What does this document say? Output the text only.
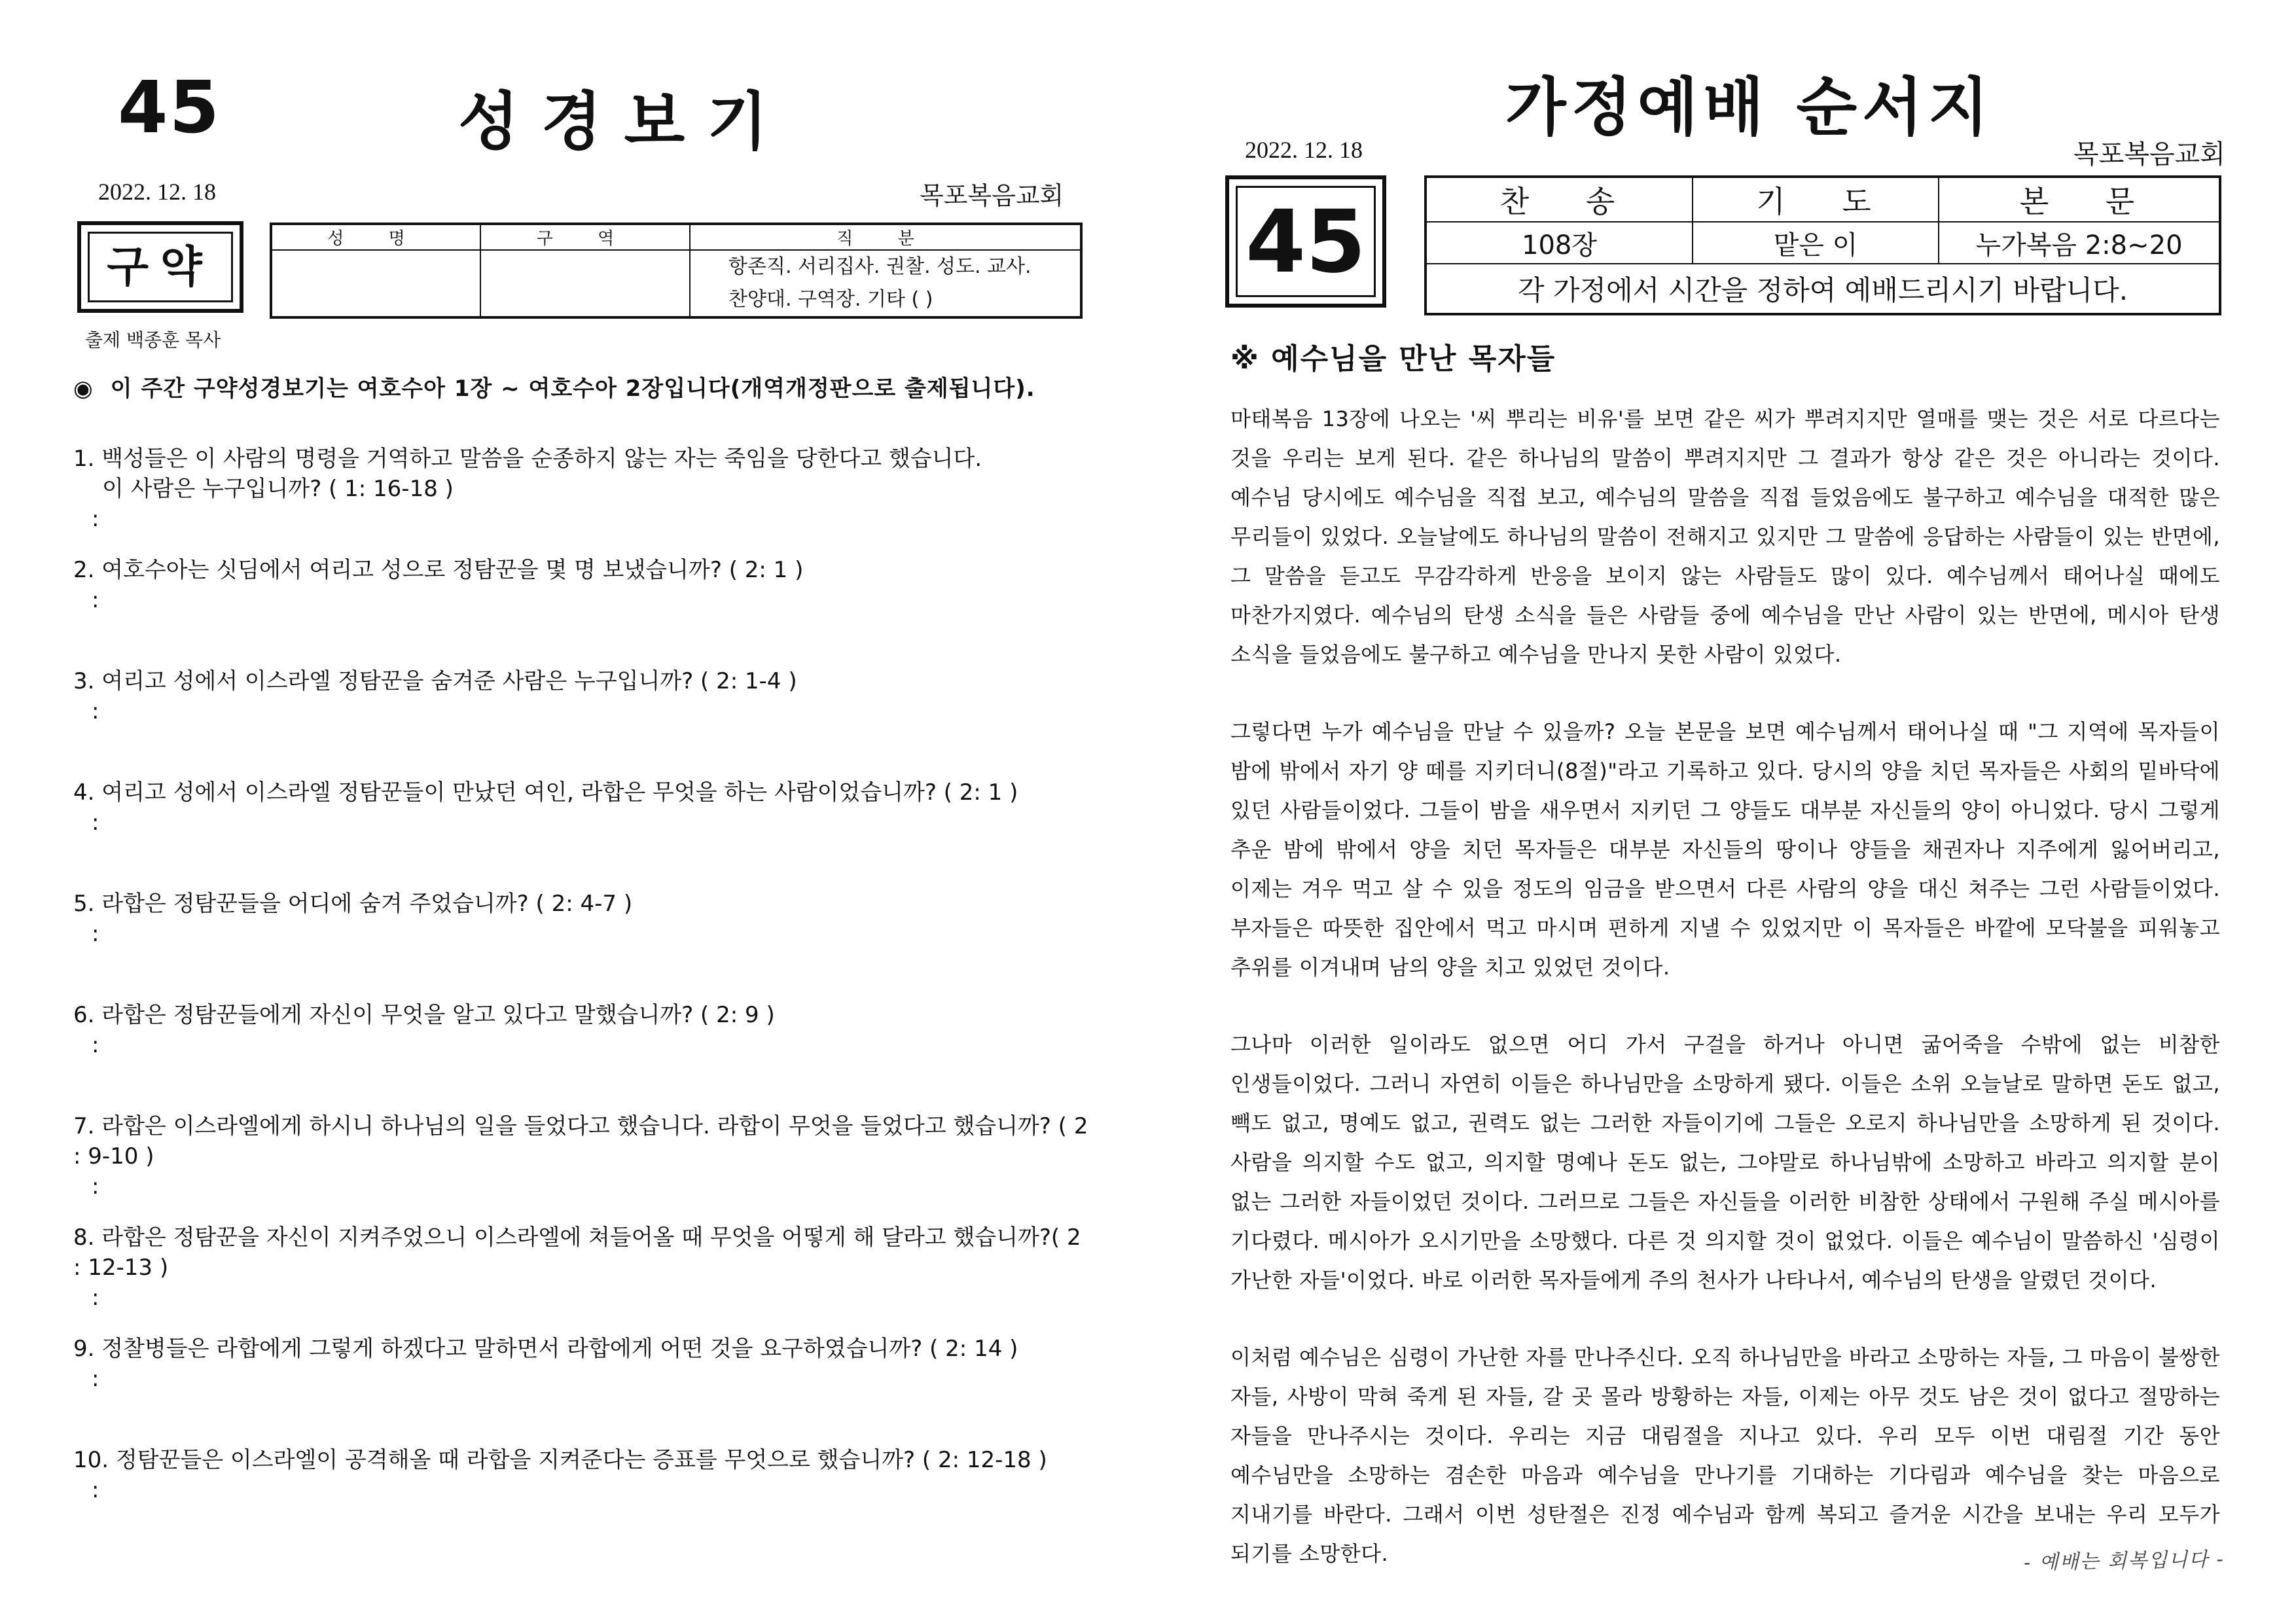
45	성경보기
2022. 12. 18	목포복음교회
구약
성 명	구 역	직 분

		항존직. 서리집사. 권찰. 성도. 교사.
찬양대. 구역장. 기타 ( )
출제 백종훈 목사
◉ 이 주간 구약성경보기는 여호수아 1장 ~ 여호수아 2장입니다(개역개정판으로 출제됩니다).
1. 백성들은 이 사람의 명령을 거역하고 말씀을 순종하지 않는 자는 죽임을 당한다고 했습니다.
이 사람은 누구입니까? ( 1: 16-18 )
:
2. 여호수아는 싯딤에서 여리고 성으로 정탐꾼을 몇 명 보냈습니까? ( 2: 1 )
:
3. 여리고 성에서 이스라엘 정탐꾼을 숨겨준 사람은 누구입니까? ( 2: 1-4 )
:
4. 여리고 성에서 이스라엘 정탐꾼들이 만났던 여인, 라합은 무엇을 하는 사람이었습니까? ( 2: 1 )
:
5. 라합은 정탐꾼들을 어디에 숨겨 주었습니까? ( 2: 4-7 )
:
6. 라합은 정탐꾼들에게 자신이 무엇을 알고 있다고 말했습니까? ( 2: 9 )
:
7. 라합은 이스라엘에게 하시니 하나님의 일을 들었다고 했습니다. 라합이 무엇을 들었다고 했습니까? ( 2 : 9-10 )
:
8. 라합은 정탐꾼을 자신이 지켜주었으니 이스라엘에 쳐들어올 때 무엇을 어떻게 해 달라고 했습니까?( 2 : 12-13 )
:
9. 정찰병들은 라합에게 그렇게 하겠다고 말하면서 라합에게 어떤 것을 요구하였습니까? ( 2: 14 )
:
10. 정탐꾼들은 이스라엘이 공격해올 때 라합을 지켜준다는 증표를 무엇으로 했습니까? ( 2: 12-18 )
:
가정예배 순서지
2022. 12. 18	목포복음교회
45	찬 송	기 도	본 문
108장	맡은 이	누가복음 2:8~20
각 가정에서 시간을 정하여 예배드리시기 바랍니다.		
※ 예수님을 만난 목자들

마태복음 13장에 나오는 '씨 뿌리는 비유'를 보면 같은 씨가 뿌려지지만 열매를 맺는 것은 서로 다르다는 것을 우리는 보게 된다. 같은 하나님의 말씀이 뿌려지지만 그 결과가 항상 같은 것은 아니라는 것이다. 예수님 당시에도 예수님을 직접 보고, 예수님의 말씀을 직접 들었음에도 불구하고 예수님을 대적한 많은 무리들이 있었다. 오늘날에도 하나님의 말씀이 전해지고 있지만 그 말씀에 응답하는 사람들이 있는 반면에, 그 말씀을 듣고도 무감각하게 반응을 보이지 않는 사람들도 많이 있다. 예수님께서 태어나실 때에도 마찬가지였다. 예수님의 탄생 소식을 들은 사람들 중에 예수님을 만난 사람이 있는 반면에, 메시아 탄생 소식을 들었음에도 불구하고 예수님을 만나지 못한 사람이 있었다.

그렇다면 누가 예수님을 만날 수 있을까? 오늘 본문을 보면 예수님께서 태어나실 때 "그 지역에 목자들이 밤에 밖에서 자기 양 떼를 지키더니(8절)"라고 기록하고 있다. 당시의 양을 치던 목자들은 사회의 밑바닥에 있던 사람들이었다. 그들이 밤을 새우면서 지키던 그 양들도 대부분 자신들의 양이 아니었다. 당시 그렇게 추운 밤에 밖에서 양을 치던 목자들은 대부분 자신들의 땅이나 양들을 채권자나 지주에게 잃어버리고, 이제는 겨우 먹고 살 수 있을 정도의 임금을 받으면서 다른 사람의 양을 대신 쳐주는 그런 사람들이었다. 부자들은 따뜻한 집안에서 먹고 마시며 편하게 지낼 수 있었지만 이 목자들은 바깥에 모닥불을 피워놓고 추위를 이겨내며 남의 양을 치고 있었던 것이다.

그나마 이러한 일이라도 없으면 어디 가서 구걸을 하거나 아니면 굶어죽을 수밖에 없는 비참한 인생들이었다. 그러니 자연히 이들은 하나님만을 소망하게 됐다. 이들은 소위 오늘날로 말하면 돈도 없고, 빽도 없고, 명예도 없고, 권력도 없는 그러한 자들이기에 그들은 오로지 하나님만을 소망하게 된 것이다. 사람을 의지할 수도 없고, 의지할 명예나 돈도 없는, 그야말로 하나님밖에 소망하고 바라고 의지할 분이 없는 그러한 자들이었던 것이다. 그러므로 그들은 자신들을 이러한 비참한 상태에서 구원해 주실 메시아를 기다렸다. 메시아가 오시기만을 소망했다. 다른 것 의지할 것이 없었다. 이들은 예수님이 말씀하신 '심령이 가난한 자들'이었다. 바로 이러한 목자들에게 주의 천사가 나타나서, 예수님의 탄생을 알렸던 것이다.

이처럼 예수님은 심령이 가난한 자를 만나주신다. 오직 하나님만을 바라고 소망하는 자들, 그 마음이 불쌍한 자들, 사방이 막혀 죽게 된 자들, 갈 곳 몰라 방황하는 자들, 이제는 아무 것도 남은 것이 없다고 절망하는 자들을 만나주시는 것이다. 우리는 지금 대림절을 지나고 있다. 우리 모두 이번 대림절 기간 동안 예수님만을 소망하는 겸손한 마음과 예수님을 만나기를 기대하는 기다림과 예수님을 찾는 마음으로 지내기를 바란다. 그래서 이번 성탄절은 진정 예수님과 함께 복되고 즐거운 시간을 보내는 우리 모두가 되기를 소망한다.	- 예배는 회복입니다 -
